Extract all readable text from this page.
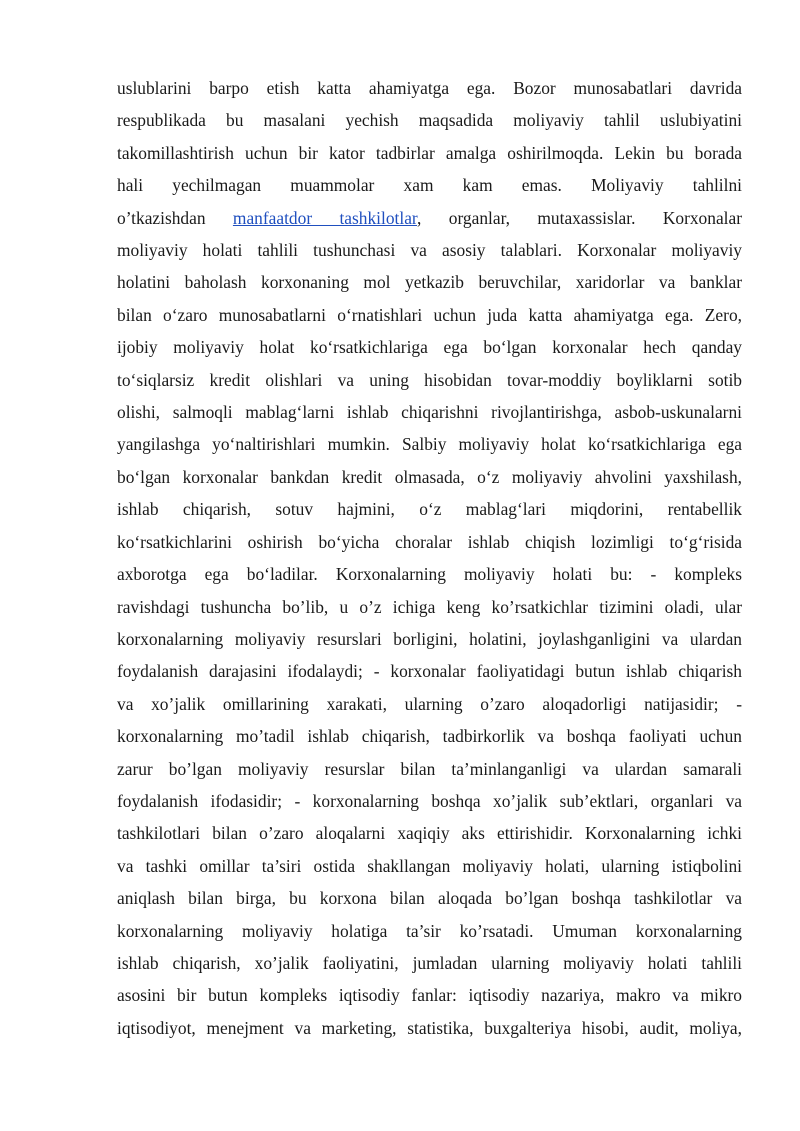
uslublarini barpo etish katta ahamiyatga ega. Bozor munosabatlari davrida

respublikada bu masalani yechish maqsadida moliyaviy tahlil uslubiyatini

takomillashtirish uchun bir kator tadbirlar amalga oshirilmoqda. Lekin bu borada

hali yechilmagan muammolar xam kam emas. Moliyaviy tahlilni

o’tkazishdan manfaatdor tashkilotlar, organlar, mutaxassislar. Korxonalar

moliyaviy holati tahlili tushunchasi va asosiy talablari. Korxonalar moliyaviy

holatini baholash korxonaning mol yetkazib beruvchilar, xaridorlar va banklar

bilan o‘zaro munosabatlarni o‘rnatishlari uchun juda katta ahamiyatga ega. Zero,

ijobiy moliyaviy holat ko‘rsatkichlariga ega bo‘lgan korxonalar hech qanday

to‘siqlarsiz kredit olishlari va uning hisobidan tovar-moddiy boyliklarni sotib

olishi, salmoqli mablag‘larni ishlab chiqarishni rivojlantirishga, asbob-uskunalarni

yangilashga yo‘naltirishlari mumkin. Salbiy moliyaviy holat ko‘rsatkichlariga ega

bo‘lgan korxonalar bankdan kredit olmasada, o‘z moliyaviy ahvolini yaxshilash,

ishlab chiqarish, sotuv hajmini, o‘z mablag‘lari miqdorini, rentabellik

ko‘rsatkichlarini oshirish bo‘yicha choralar ishlab chiqish lozimligi to‘g‘risida

axborotga ega bo‘ladilar. Korxonalarning moliyaviy holati bu: - kompleks

ravishdagi tushuncha bo’lib, u o’z ichiga keng ko’rsatkichlar tizimini oladi, ular

korxonalarning moliyaviy resurslari borligini, holatini, joylashganligini va ulardan

foydalanish darajasini ifodalaydi; - korxonalar faoliyatidagi butun ishlab chiqarish

va xo’jalik omillarining xarakati, ularning o’zaro aloqadorligi natijasidir; -

korxonalarning mo’tadil ishlab chiqarish, tadbirkorlik va boshqa faoliyati uchun

zarur bo’lgan moliyaviy resurslar bilan ta’minlanganligi va ulardan samarali

foydalanish ifodasidir; - korxonalarning boshqa xo’jalik sub’ektlari, organlari va

tashkilotlari bilan o’zaro aloqalarni xaqiqiy aks ettirishidir. Korxonalarning ichki

va tashki omillar ta’siri ostida shakllangan moliyaviy holati, ularning istiqbolini

aniqlash bilan birga, bu korxona bilan aloqada bo’lgan boshqa tashkilotlar va

korxonalarning moliyaviy holatiga ta’sir ko’rsatadi. Umuman korxonalarning

ishlab chiqarish, xo’jalik faoliyatini, jumladan ularning moliyaviy holati tahlili

asosini bir butun kompleks iqtisodiy fanlar: iqtisodiy nazariya, makro va mikro

iqtisodiyot, menejment va marketing, statistika, buxgalteriya hisobi, audit, moliya,
